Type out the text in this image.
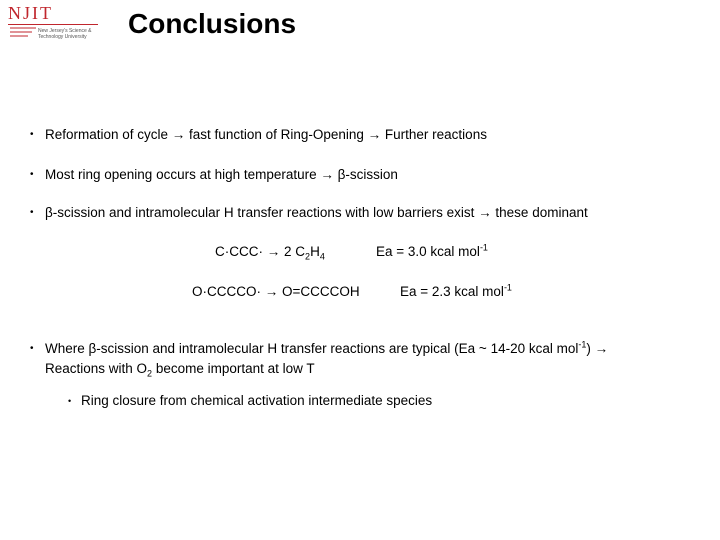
NJIT
New Jersey's Science &
Technology University Conclusions
• Reformation of cycle → fast function of Ring-Opening → Further reactions
• Most ring opening occurs at high temperature → β-scission
• β-scission and intramolecular H transfer reactions with low barriers exist → these dominant
C·CCC· → 2 $C_2H_4$	Ea = 3.0 kcal mol$^{-1}$
O·CCCCO· → O=CCCCOH	Ea = 2.3 kcal mol$^{-1}$
• Where β-scission and intramolecular H transfer reactions are typical (Ea ~ 14-20 kcal mol$^{-1}$) →
Reactions with $O_2$ become important at low T
• Ring closure from chemical activation intermediate species
